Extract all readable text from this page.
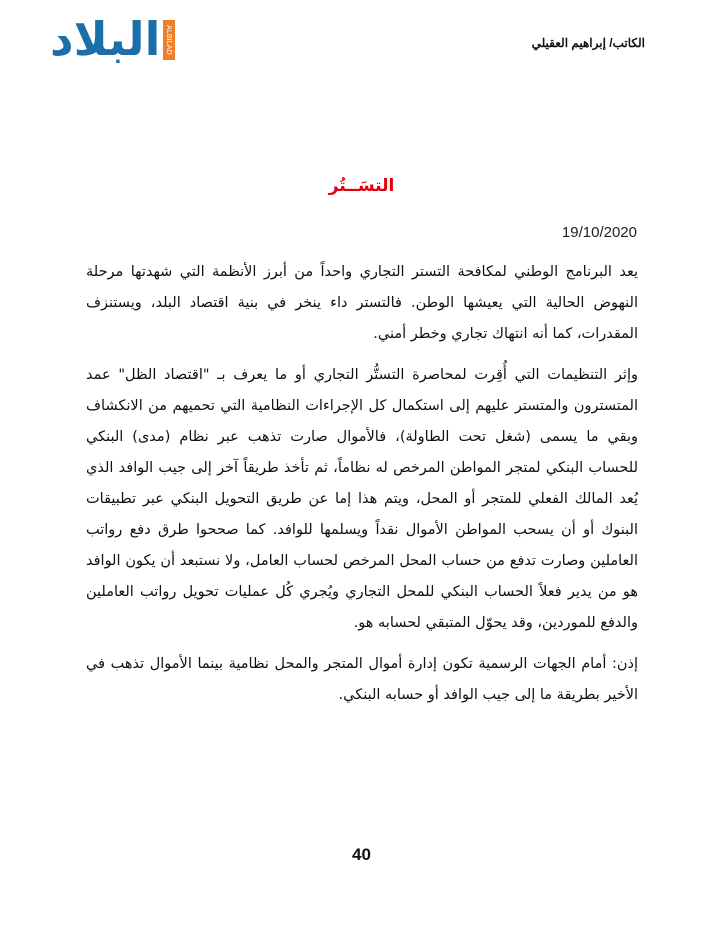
البلاد ALBILAD	الكاتب/ إبراهيم العقيلي
التسَــتُر
19/10/2020

يعد البرنامج الوطني لمكافحة التستر التجاري واحداً من أبرز الأنظمة التي شهدتها مرحلة النهوض الحالية التي يعيشها الوطن. فالتستر داء ينخر في بنية اقتصاد البلد، ويستنزف المقدرات، كما أنه انتهاك تجاري وخطر أمني.

وإثر التنظيمات التي أُقِرت لمحاصرة التستُّر التجاري أو ما يعرف بـ "اقتصاد الظل" عمد المتسترون والمتستر عليهم إلى استكمال كل الإجراءات النظامية التي تحميهم من الانكشاف وبقي ما يسمى (شغل تحت الطاولة)، فالأموال صارت تذهب عبر نظام (مدى) البنكي للحساب البنكي لمتجر المواطن المرخص له نظاماً، ثم تأخذ طريقاً آخر إلى جيب الوافد الذي يُعد المالك الفعلي للمتجر أو المحل، ويتم هذا إما عن طريق التحويل البنكي عبر تطبيقات البنوك أو أن يسحب المواطن الأموال نقداً ويسلمها للوافد. كما صححوا طرق دفع رواتب العاملين وصارت تدفع من حساب المحل المرخص لحساب العامل، ولا نستبعد أن يكون الوافد هو من يدير فعلاً الحساب البنكي للمحل التجاري ويُجري كُل عمليات تحويل رواتب العاملين والدفع للموردين، وقد يحوّل المتبقي لحسابه هو.

إذن: أمام الجهات الرسمية تكون إدارة أموال المتجر والمحل نظامية بينما الأموال تذهب في الأخير بطريقة ما إلى جيب الوافد أو حسابه البنكي.

40
